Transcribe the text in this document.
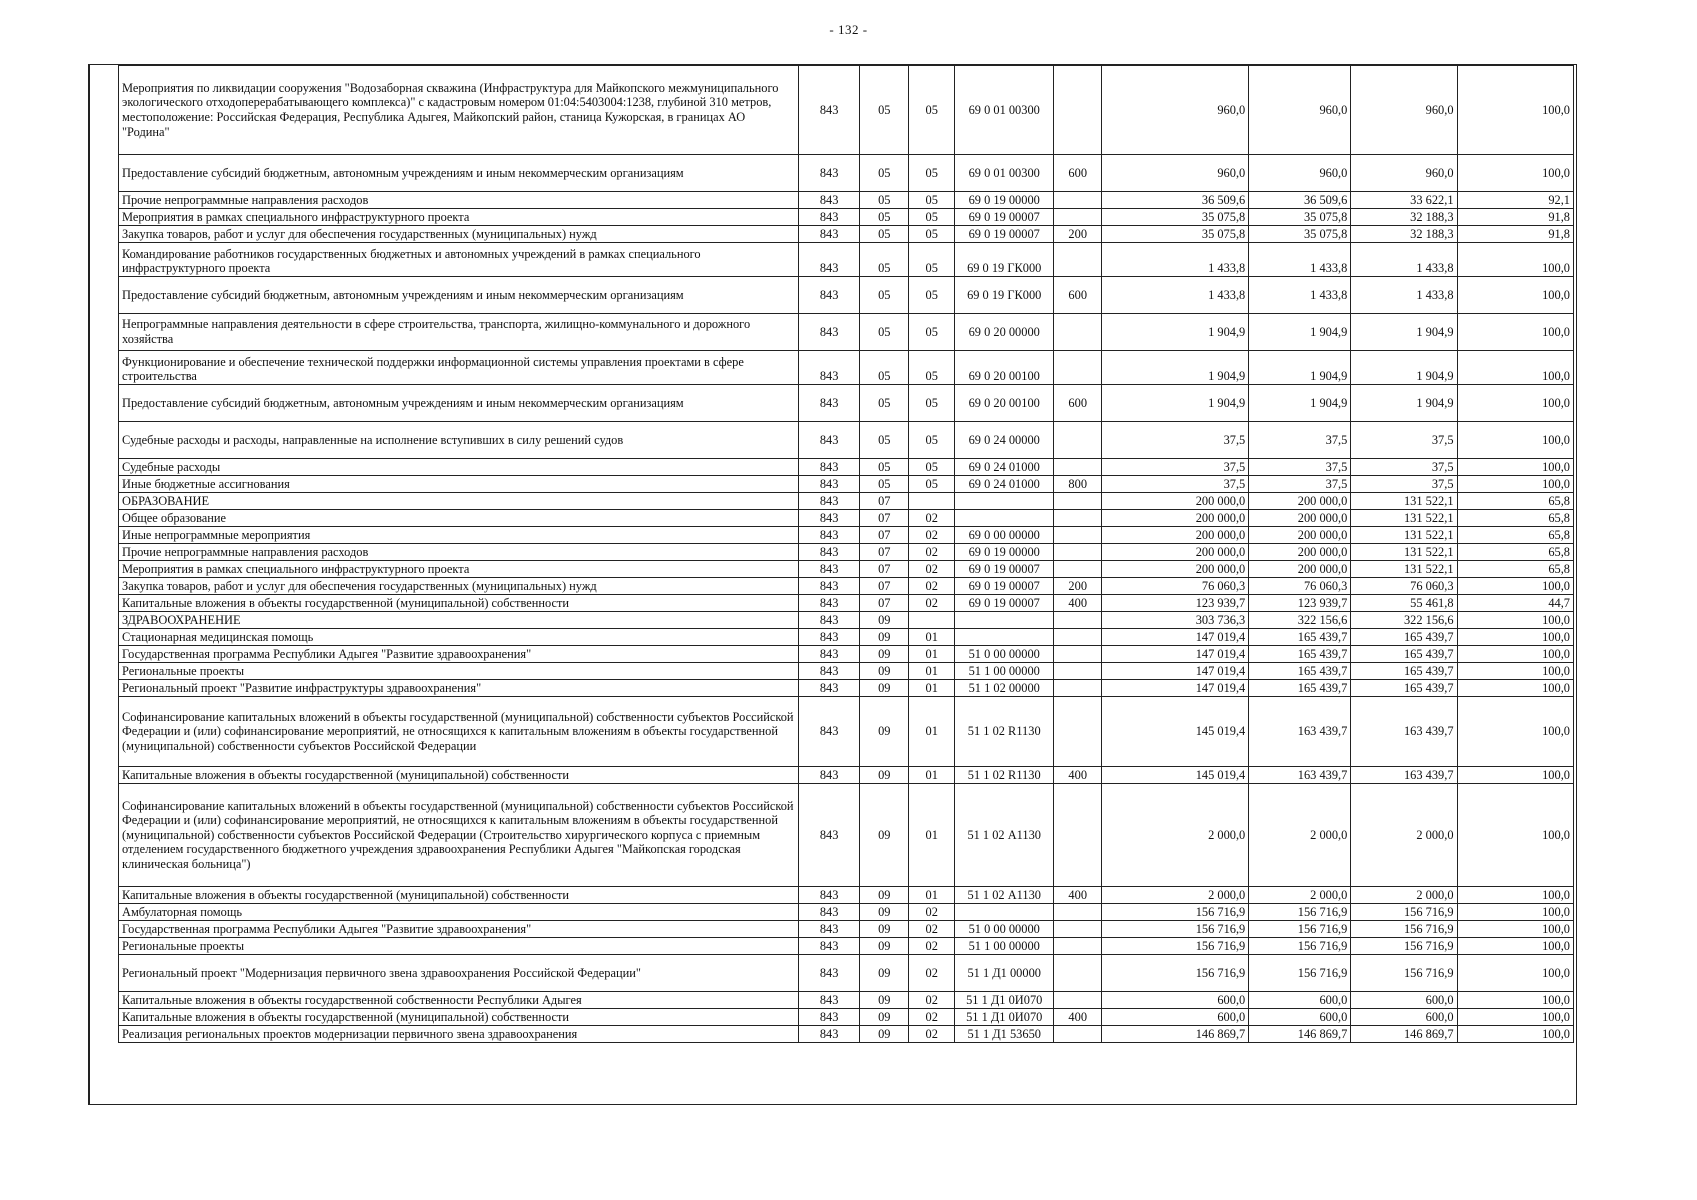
- 132 -
Мероприятия по ликвидации сооружения "Водозаборная скважина (Инфраструктура для Майкопского межмуниципального экологического отходоперерабатывающего комплекса)" с кадастровым номером 01:04:5403004:1238, глубиной 310 метров, местоположение: Российская Федерация, Республика Адыгея, Майкопский район, станица Кужорская, в границах АО "Родина"	843	05	05	69 0 01 00300		960,0	960,0	960,0	100,0
Предоставление субсидий бюджетным, автономным учреждениям и иным некоммерческим организациям	843	05	05	69 0 01 00300	600	960,0	960,0	960,0	100,0
Прочие непрограммные направления расходов	843	05	05	69 0 19 00000		36 509,6	36 509,6	33 622,1	92,1
Мероприятия в рамках специального инфраструктурного проекта	843	05	05	69 0 19 00007		35 075,8	35 075,8	32 188,3	91,8
Закупка товаров, работ и услуг для обеспечения государственных (муниципальных) нужд	843	05	05	69 0 19 00007	200	35 075,8	35 075,8	32 188,3	91,8
Командирование работников государственных бюджетных и автономных учреждений в рамках специального инфраструктурного проекта	843	05	05	69 0 19 ГК000		1 433,8	1 433,8	1 433,8	100,0
Предоставление субсидий бюджетным, автономным учреждениям и иным некоммерческим организациям	843	05	05	69 0 19 ГК000	600	1 433,8	1 433,8	1 433,8	100,0
Непрограммные направления деятельности в сфере строительства, транспорта, жилищно-коммунального и дорожного хозяйства	843	05	05	69 0 20 00000		1 904,9	1 904,9	1 904,9	100,0
Функционирование и обеспечение технической поддержки информационной системы управления проектами в сфере строительства	843	05	05	69 0 20 00100		1 904,9	1 904,9	1 904,9	100,0
Предоставление субсидий бюджетным, автономным учреждениям и иным некоммерческим организациям	843	05	05	69 0 20 00100	600	1 904,9	1 904,9	1 904,9	100,0
Судебные расходы и расходы, направленные на исполнение вступивших в силу решений судов	843	05	05	69 0 24 00000		37,5	37,5	37,5	100,0
Судебные расходы	843	05	05	69 0 24 01000		37,5	37,5	37,5	100,0
Иные бюджетные ассигнования	843	05	05	69 0 24 01000	800	37,5	37,5	37,5	100,0
ОБРАЗОВАНИЕ	843	07				200 000,0	200 000,0	131 522,1	65,8
Общее образование	843	07	02			200 000,0	200 000,0	131 522,1	65,8
Иные непрограммные мероприятия	843	07	02	69 0 00 00000		200 000,0	200 000,0	131 522,1	65,8
Прочие непрограммные направления расходов	843	07	02	69 0 19 00000		200 000,0	200 000,0	131 522,1	65,8
Мероприятия в рамках специального инфраструктурного проекта	843	07	02	69 0 19 00007		200 000,0	200 000,0	131 522,1	65,8
Закупка товаров, работ и услуг для обеспечения государственных (муниципальных) нужд	843	07	02	69 0 19 00007	200	76 060,3	76 060,3	76 060,3	100,0
Капитальные вложения в объекты государственной (муниципальной) собственности	843	07	02	69 0 19 00007	400	123 939,7	123 939,7	55 461,8	44,7
ЗДРАВООХРАНЕНИЕ	843	09				303 736,3	322 156,6	322 156,6	100,0
Стационарная медицинская помощь	843	09	01			147 019,4	165 439,7	165 439,7	100,0
Государственная программа Республики Адыгея "Развитие здравоохранения"	843	09	01	51 0 00 00000		147 019,4	165 439,7	165 439,7	100,0
Региональные проекты	843	09	01	51 1 00 00000		147 019,4	165 439,7	165 439,7	100,0
Региональный проект "Развитие инфраструктуры здравоохранения"	843	09	01	51 1 02 00000		147 019,4	165 439,7	165 439,7	100,0
Софинансирование капитальных вложений в объекты государственной (муниципальной) собственности субъектов Российской Федерации и (или) софинансирование мероприятий, не относящихся к капитальным вложениям в объекты государственной (муниципальной) собственности субъектов Российской Федерации	843	09	01	51 1 02 R1130		145 019,4	163 439,7	163 439,7	100,0
Капитальные вложения в объекты государственной (муниципальной) собственности	843	09	01	51 1 02 R1130	400	145 019,4	163 439,7	163 439,7	100,0
Софинансирование капитальных вложений в объекты государственной (муниципальной) собственности субъектов Российской Федерации и (или) софинансирование мероприятий, не относящихся к капитальным вложениям в объекты государственной (муниципальной) собственности субъектов Российской Федерации (Строительство хирургического корпуса с приемным отделением государственного бюджетного учреждения здравоохранения Республики Адыгея "Майкопская городская клиническая больница")	843	09	01	51 1 02 А1130		2 000,0	2 000,0	2 000,0	100,0
Капитальные вложения в объекты государственной (муниципальной) собственности	843	09	01	51 1 02 А1130	400	2 000,0	2 000,0	2 000,0	100,0
Амбулаторная помощь	843	09	02			156 716,9	156 716,9	156 716,9	100,0
Государственная программа Республики Адыгея "Развитие здравоохранения"	843	09	02	51 0 00 00000		156 716,9	156 716,9	156 716,9	100,0
Региональные проекты	843	09	02	51 1 00 00000		156 716,9	156 716,9	156 716,9	100,0
Региональный проект "Модернизация первичного звена здравоохранения Российской Федерации"	843	09	02	51 1 Д1 00000		156 716,9	156 716,9	156 716,9	100,0
Капитальные вложения в объекты государственной собственности Республики Адыгея	843	09	02	51 1 Д1 0И070		600,0	600,0	600,0	100,0
Капитальные вложения в объекты государственной (муниципальной) собственности	843	09	02	51 1 Д1 0И070	400	600,0	600,0	600,0	100,0
Реализация региональных проектов модернизации первичного звена здравоохранения	843	09	02	51 1 Д1 53650		146 869,7	146 869,7	146 869,7	100,0
